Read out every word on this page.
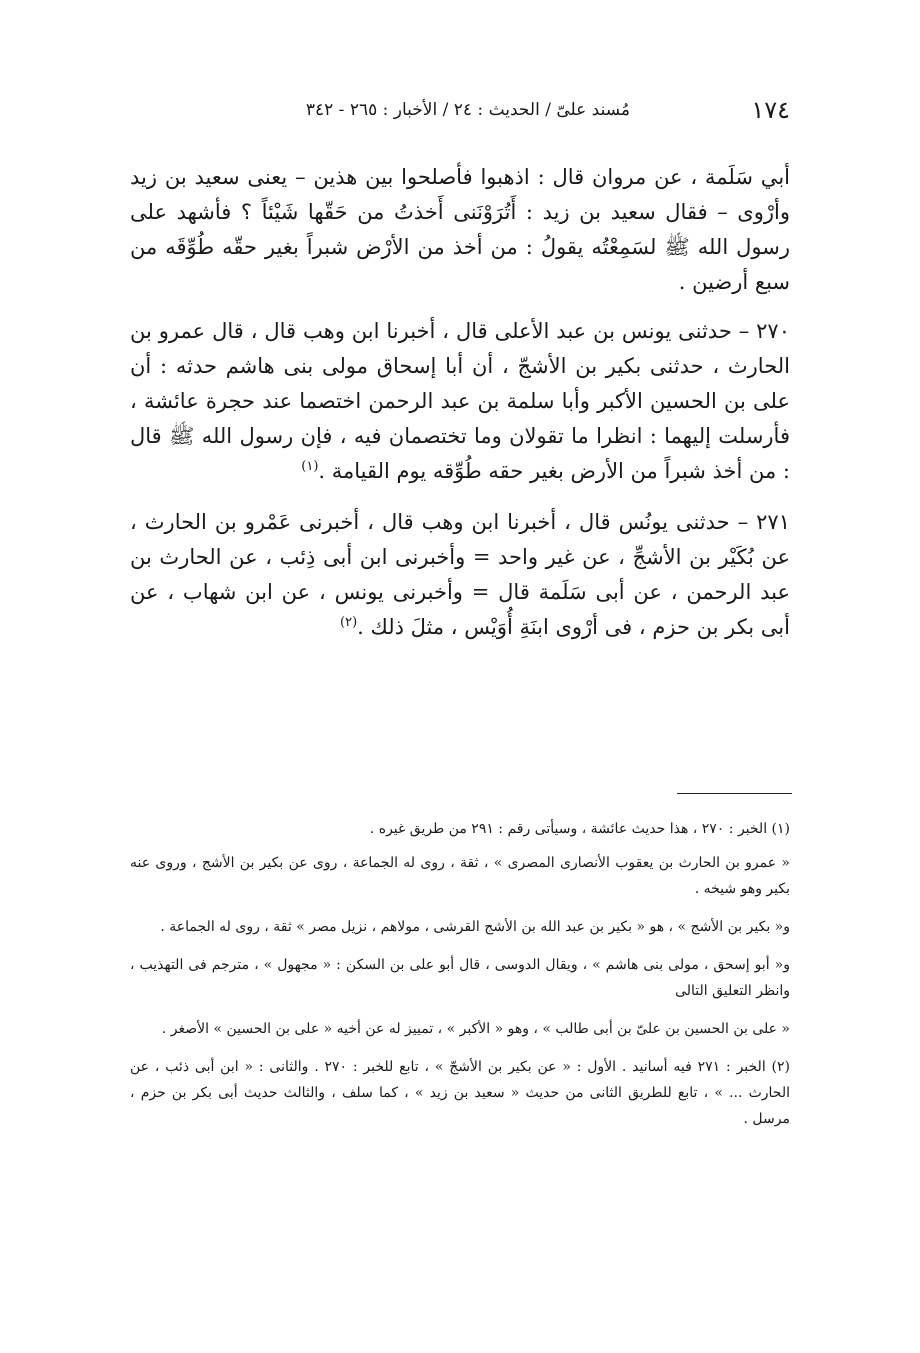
١٧٤
مُسند علىّ / الحديث : ٢٤ / الأخبار : ٢٦٥ - ٣٤٢

أبي سَلَمة ، عن مروان قال : اذهبوا فأصلحوا بين هذين – يعنى سعيد بن زيد وأرْوى – فقال سعيد بن زيد : أَتُرَوْنَنى أَخذتُ من حَقّها شَيْئاً ؟ فأشهد على رسول الله ﷺ لسَمِعْتُه يقولُ : من أخذ من الأرْض شبراً بغير حقّه طُوِّقَه من سبع أرضين .

٢٧٠ – حدثنى يونس بن عبد الأعلى قال ، أخبرنا ابن وهب قال ، قال عمرو بن الحارث ، حدثنى بكير بن الأشجّ ، أن أبا إسحاق مولى بنى هاشم حدثه : أن على بن الحسين الأكبر وأبا سلمة بن عبد الرحمن اختصما عند حجرة عائشة ، فأرسلت إليهما : انظرا ما تقولان وما تختصمان فيه ، فإن رسول الله ﷺ قال : من أخذ شبراً من الأرض بغير حقه طُوِّقه يوم القيامة .$^{(١)}$

٢٧١ – حدثنى يونُس قال ، أخبرنا ابن وهب قال ، أخبرنى عَمْرو بن الحارث ، عن بُكَيْر بن الأشجِّ ، عن غير واحد = وأخبرنى ابن أبى ذِئب ، عن الحارث بن عبد الرحمن ، عن أبى سَلَمة قال = وأخبرنى يونس ، عن ابن شهاب ، عن أبى بكر بن حزم ، فى أرْوى ابنَةِ أُوَيْس ، مثلَ ذلك .$^{(٢)}$

(١) الخبر : ٢٧٠ ، هذا حديث عائشة ، وسيأتى رقم : ٢٩١ من طريق غيره .

« عمرو بن الحارث بن يعقوب الأنصارى المصرى » ، ثقة ، روى له الجماعة ، روى عن بكير بن الأشج ، وروى عنه بكير وهو شيخه .

و« بكير بن الأشج » ، هو « بكير بن عبد الله بن الأشج القرشى ، مولاهم ، نزيل مصر » ثقة ، روى له الجماعة .

و« أبو إسحق ، مولى بنى هاشم » ، ويقال الدوسى ، قال أبو على بن السكن : « مجهول » ، مترجم فى التهذيب ، وانظر التعليق التالى

« على بن الحسين بن علىّ بن أبى طالب » ، وهو « الأكبر » ، تمييز له عن أخيه « على بن الحسين » الأصغر .

(٢) الخبر : ٢٧١ فيه أسانيد . الأول : « عن بكير بن الأشجّ » ، تابع للخبر : ٢٧٠ . والثانى : « ابن أبى ذئب ، عن الحارث ... » ، تابع للطريق الثانى من حديث « سعيد بن زيد » ، كما سلف ، والثالث حديث أبى بكر بن حزم ، مرسل .
